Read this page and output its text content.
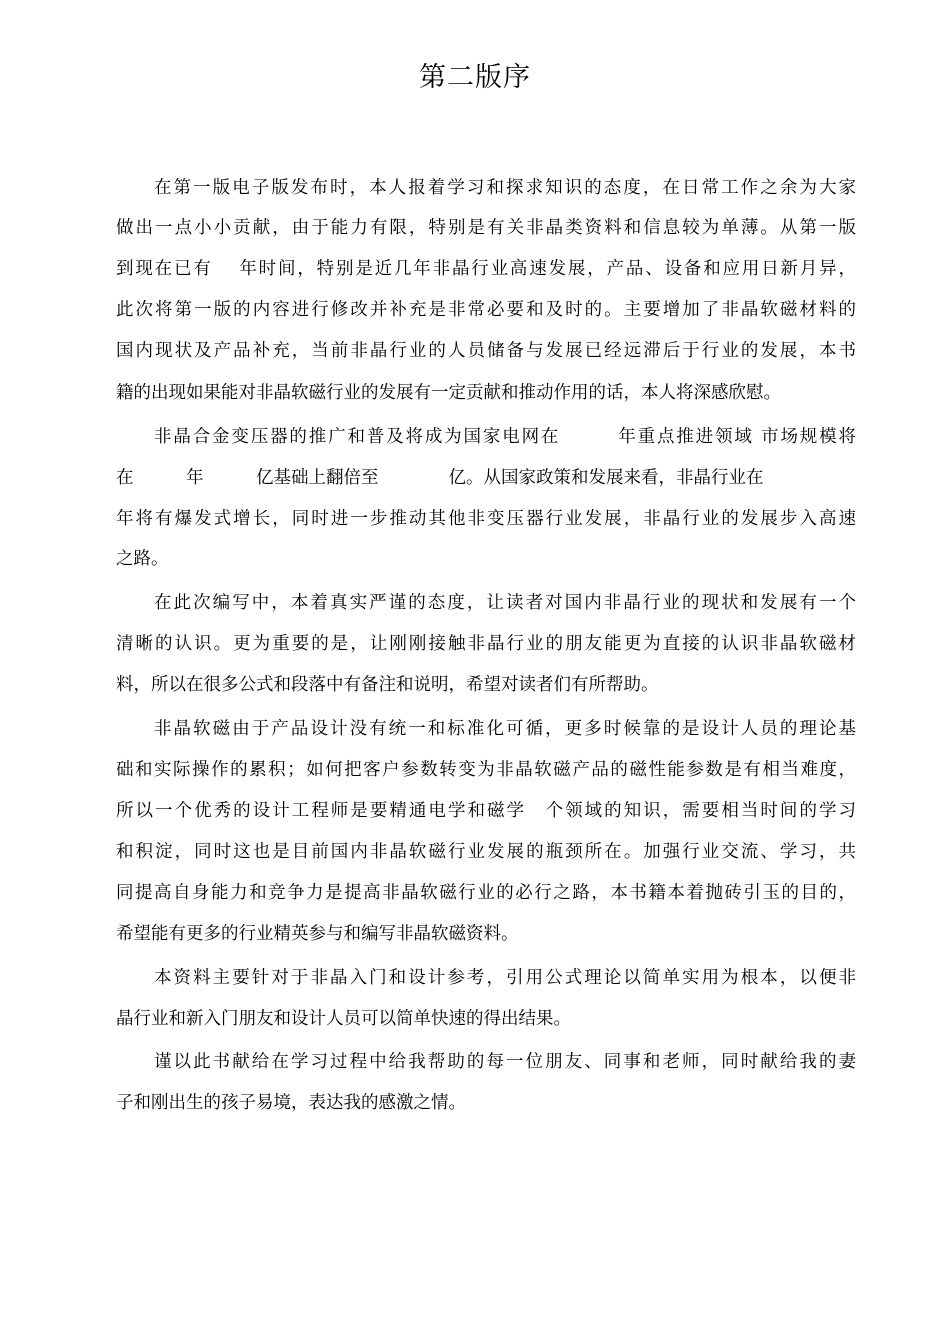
第二版序
在第一版电子版发布时，本人报着学习和探求知识的态度，在日常工作之余为大家
做出一点小小贡献，由于能力有限，特别是有关非晶类资料和信息较为单薄。从第一版
到现在已有　 年时间，特别是近几年非晶行业高速发展，产品、设备和应用日新月异，
此次将第一版的内容进行修改并补充是非常必要和及时的。主要增加了非晶软磁材料的
国内现状及产品补充，当前非晶行业的人员储备与发展已经远滞后于行业的发展，本书
籍的出现如果能对非晶软磁行业的发展有一定贡献和推动作用的话，本人将深感欣慰。
非晶合金变压器的推广和普及将成为国家电网在　　　年重点推进领域 市场规模将
在　　　年　　　亿基础上翻倍至　　　　亿。从国家政策和发展来看，非晶行业在
年将有爆发式增长，同时进一步推动其他非变压器行业发展，非晶行业的发展步入高速
之路。
在此次编写中，本着真实严谨的态度，让读者对国内非晶行业的现状和发展有一个
清晰的认识。更为重要的是，让刚刚接触非晶行业的朋友能更为直接的认识非晶软磁材
料，所以在很多公式和段落中有备注和说明，希望对读者们有所帮助。
非晶软磁由于产品设计没有统一和标准化可循，更多时候靠的是设计人员的理论基
础和实际操作的累积；如何把客户参数转变为非晶软磁产品的磁性能参数是有相当难度，
所以一个优秀的设计工程师是要精通电学和磁学　个领域的知识，需要相当时间的学习
和积淀，同时这也是目前国内非晶软磁行业发展的瓶颈所在。加强行业交流、学习，共
同提高自身能力和竞争力是提高非晶软磁行业的必行之路，本书籍本着抛砖引玉的目的，
希望能有更多的行业精英参与和编写非晶软磁资料。
本资料主要针对于非晶入门和设计参考，引用公式理论以简单实用为根本，以便非
晶行业和新入门朋友和设计人员可以简单快速的得出结果。
谨以此书献给在学习过程中给我帮助的每一位朋友、同事和老师，同时献给我的妻
子和刚出生的孩子易境，表达我的感激之情。
